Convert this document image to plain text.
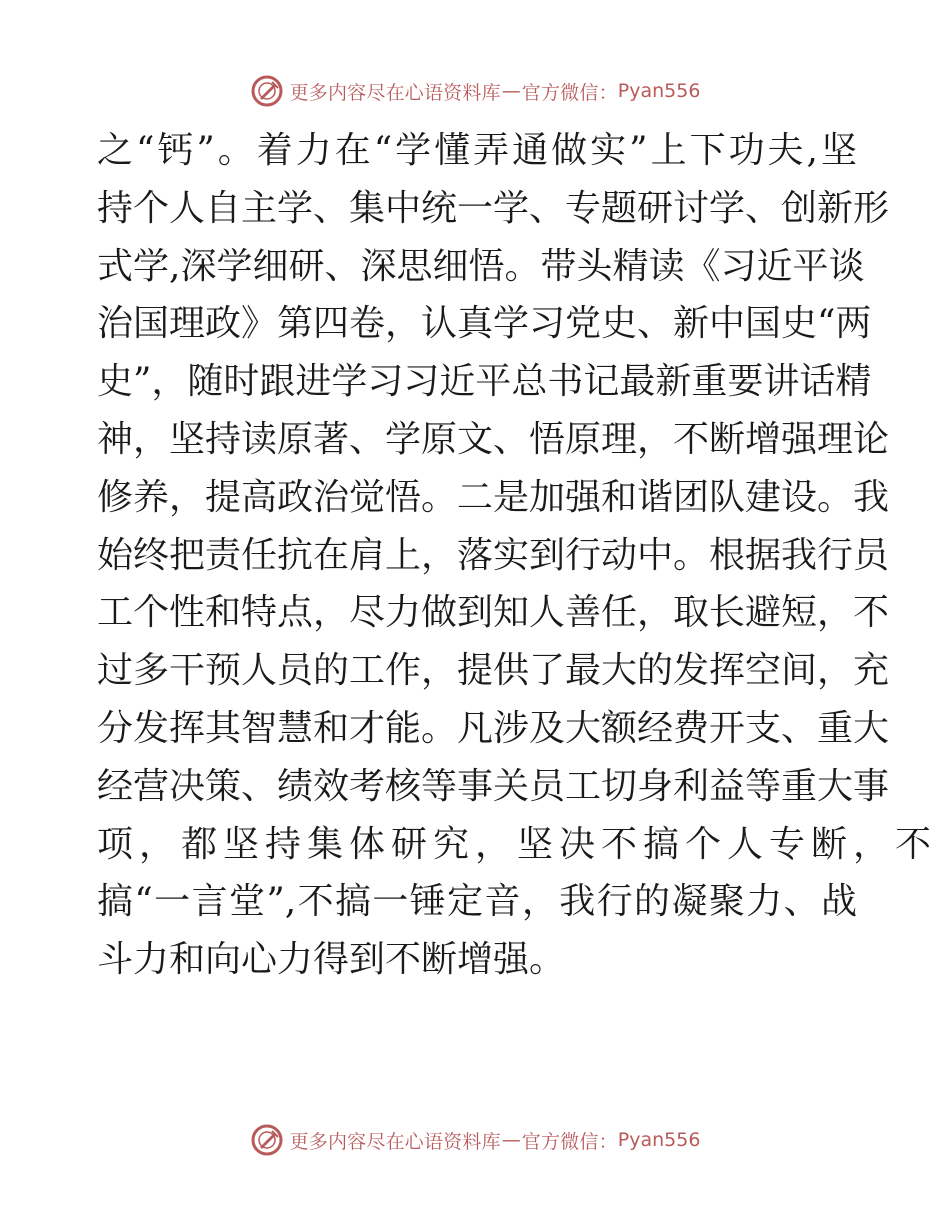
更多内容尽在心语资料库 — 官方微信： Pyan556
之“钙”。着力在“学懂弄通做实”上下功夫,坚
持个人自主学、集中统一学、专题研讨学、创新形
式学,深学细研、深思细悟。带头精读《习近平谈
治国理政》第四卷，认真学习党史、新中国史“两
史”，随时跟进学习习近平总书记最新重要讲话精
神，坚持读原著、学原文、悟原理，不断增强理论
修养，提高政治觉悟。二是加强和谐团队建设。我
始终把责任抗在肩上，落实到行动中。根据我行员
工个性和特点，尽力做到知人善任，取长避短，不
过多干预人员的工作，提供了最大的发挥空间，充
分发挥其智慧和才能。凡涉及大额经费开支、重大
经营决策、绩效考核等事关员工切身利益等重大事
项，都坚持集体研究，坚决不搞个人专断，不
搞“一言堂”,不搞一锤定音，我行的凝聚力、战
斗力和向心力得到不断增强。
更多内容尽在心语资料库 — 官方微信： Pyan556
